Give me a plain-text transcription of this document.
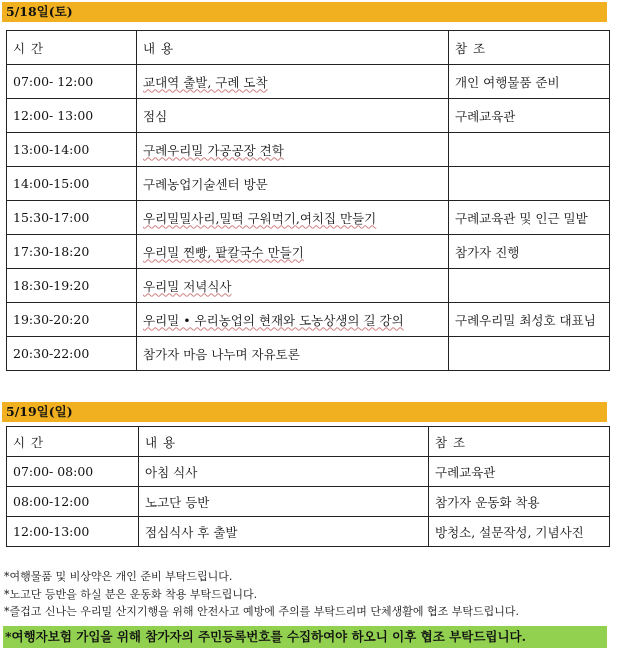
5/18일(토)
시 간	내 용	참 조
07:00- 12:00	교대역 출발, 구례 도착	개인 여행물품 준비
12:00- 13:00	점심	구례교육관
13:00-14:00	구례우리밀 가공공장 견학	
14:00-15:00	구례농업기술센터 방문	
15:30-17:00	우리밀밀사리,밀떡 구워먹기,여치집 만들기	구례교육관 및 인근 밀밭
17:30-18:20	우리밀 찐빵, 팥칼국수 만들기	참가자 진행
18:30-19:20	우리밀 저녁식사	
19:30-20:20	우리밀 • 우리농업의 현재와 도농상생의 길 강의	구례우리밀 최성호 대표님
20:30-22:00	참가자 마음 나누며 자유토론	
5/19일(일)
시 간	내 용	참 조
07:00- 08:00	아침 식사	구례교육관
08:00-12:00	노고단 등반	참가자 운동화 착용
12:00-13:00	점심식사 후 출발	방청소, 설문작성, 기념사진
*여행물품 및 비상약은 개인 준비 부탁드립니다.
*노고단 등반을 하실 분은 운동화 착용 부탁드립니다.
*즐겁고 신나는 우리밀 산지기행을 위해 안전사고 예방에 주의를 부탁드리며 단체생활에 협조 부탁드립니다.
*여행자보험 가입을 위해 참가자의 주민등록번호를 수집하여야 하오니 이후 협조 부탁드립니다.
